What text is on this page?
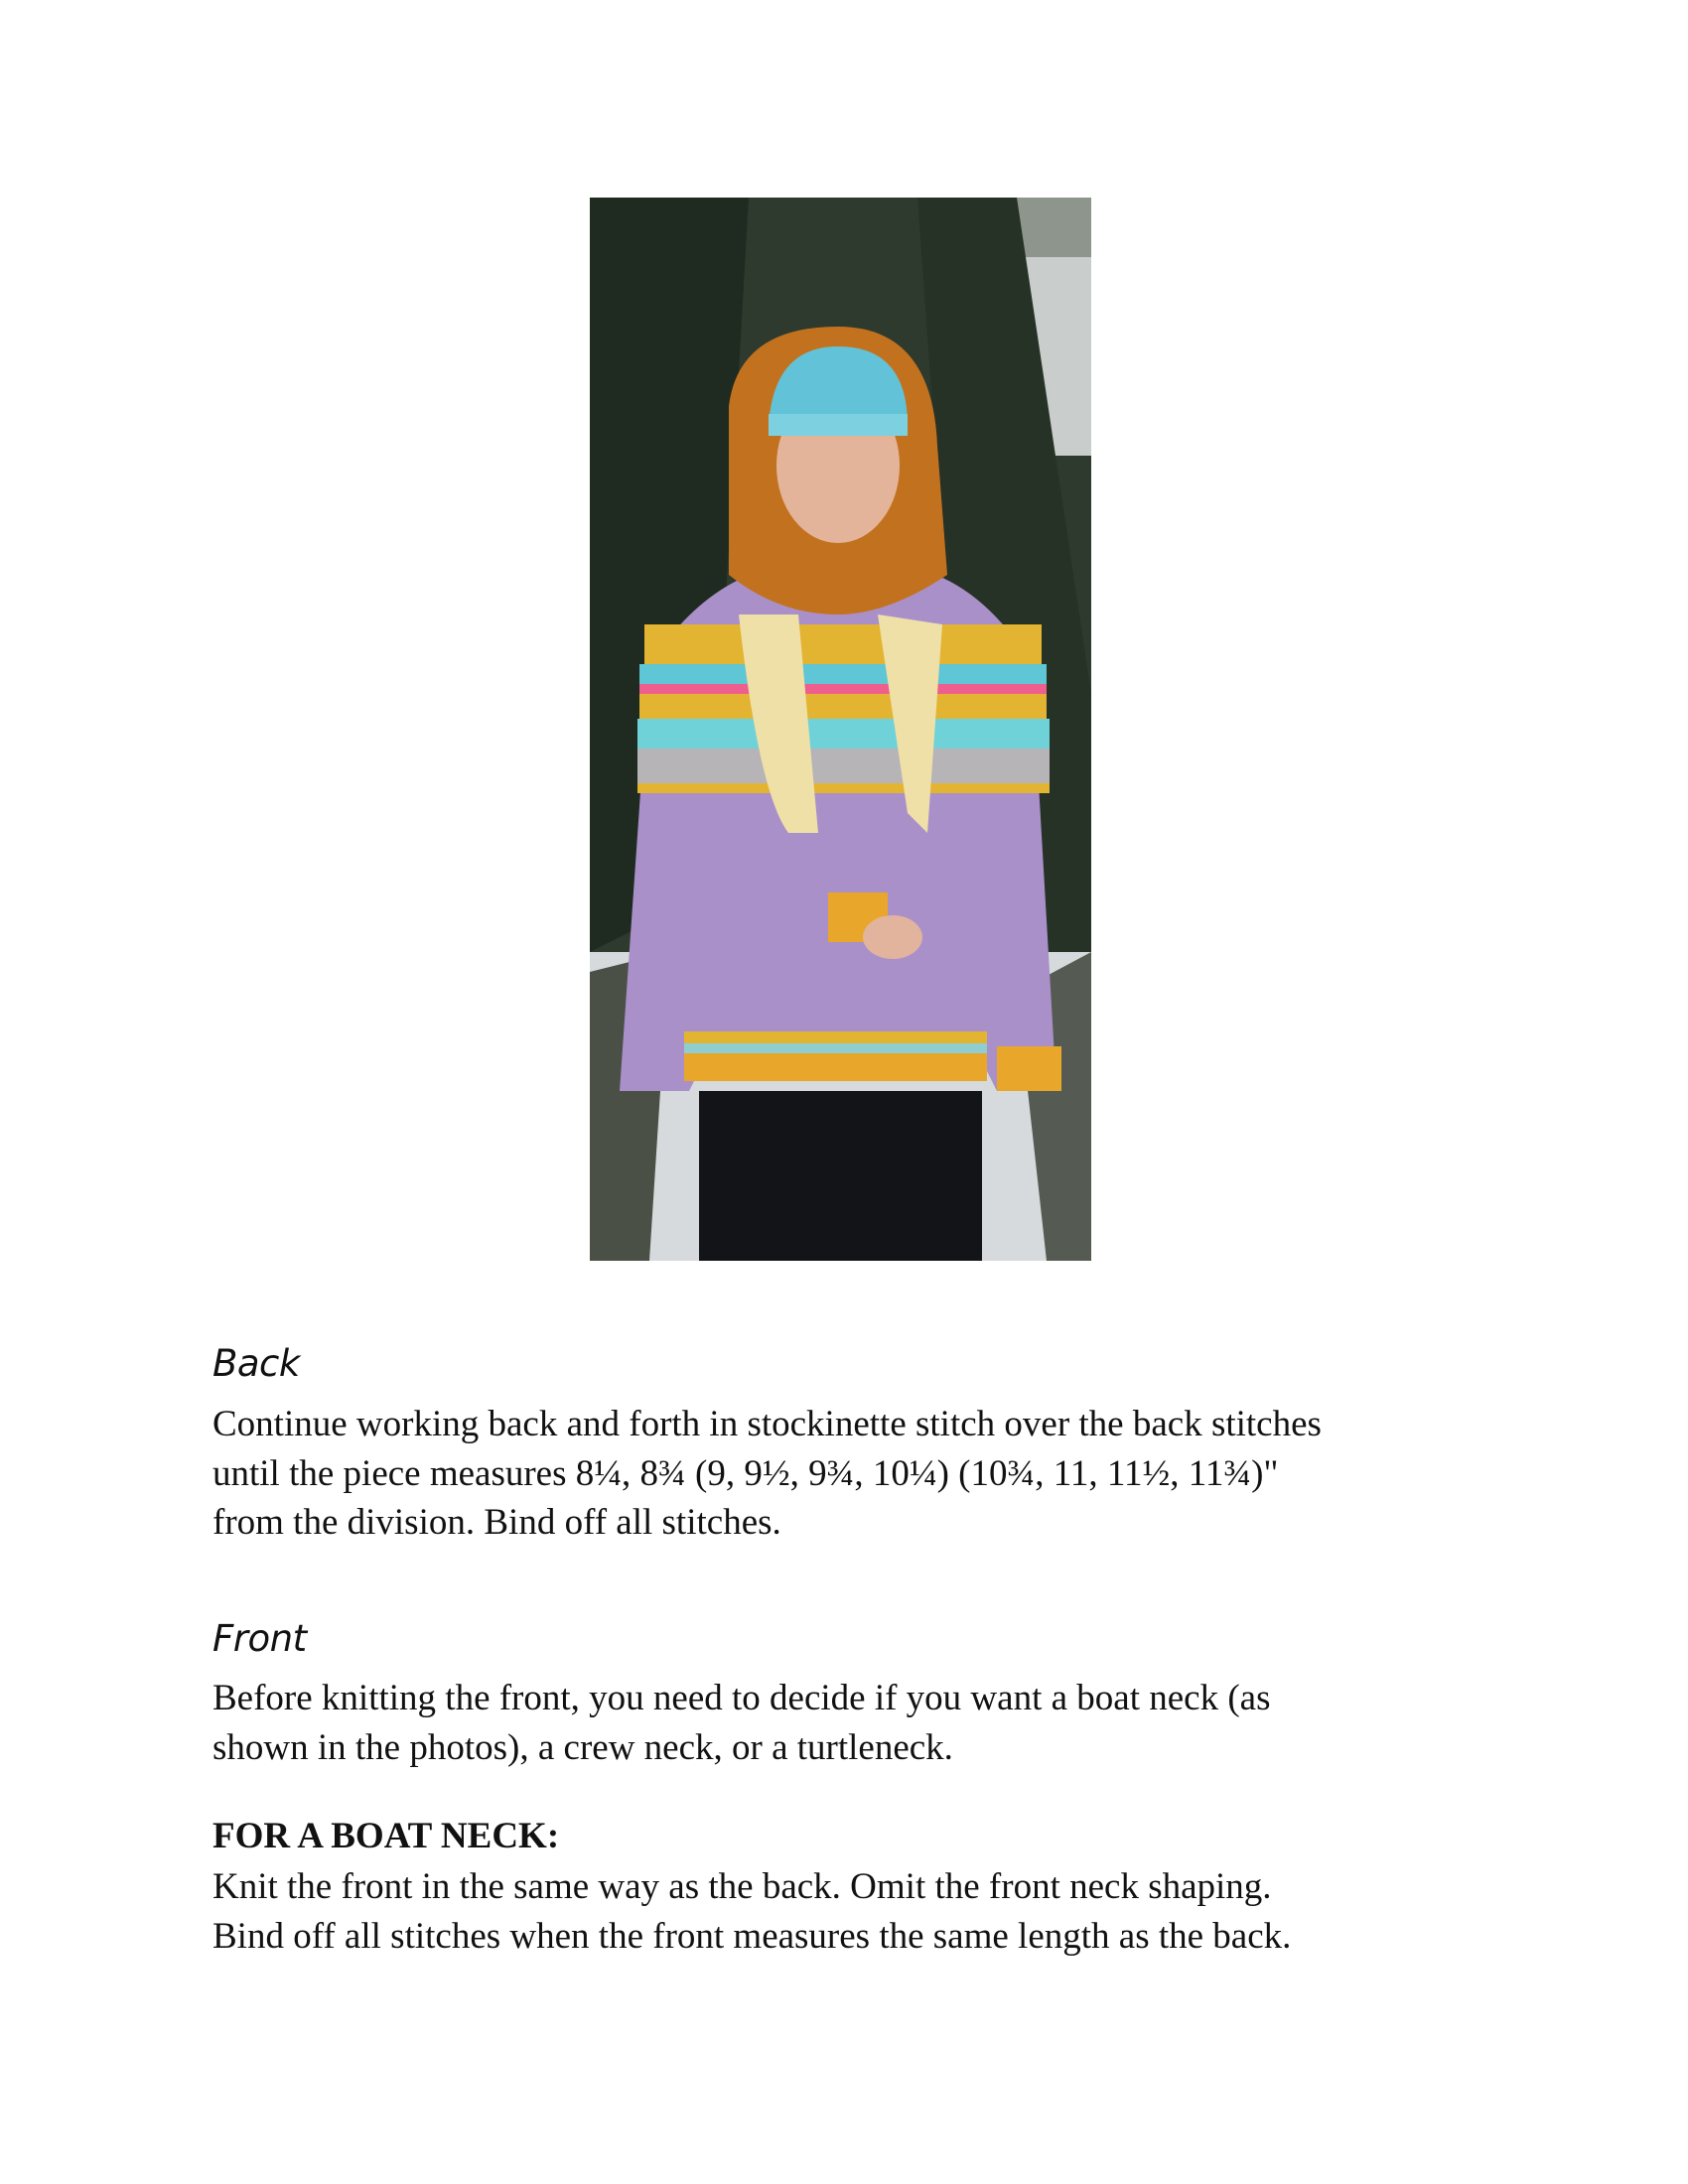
Back
Continue working back and forth in stockinette stitch over the back stitches
until the piece measures 8¼, 8¾ (9, 9½, 9¾, 10¼) (10¾, 11, 11½, 11¾)"
from the division. Bind off all stitches.
Front
Before knitting the front, you need to decide if you want a boat neck (as
shown in the photos), a crew neck, or a turtleneck.
FOR A BOAT NECK:
Knit the front in the same way as the back. Omit the front neck shaping.
Bind off all stitches when the front measures the same length as the back.
